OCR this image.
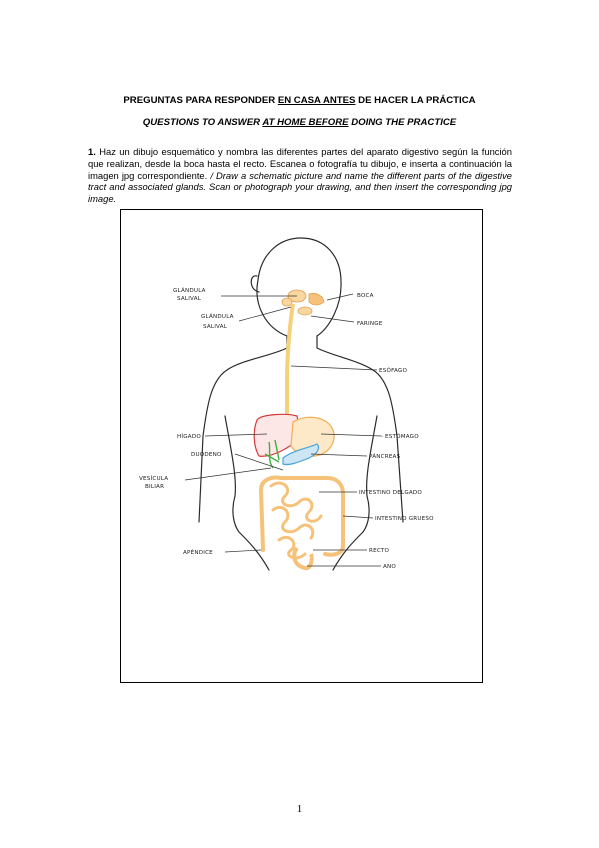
PREGUNTAS PARA RESPONDER EN CASA ANTES DE HACER LA PRÁCTICA
QUESTIONS TO ANSWER AT HOME BEFORE DOING THE PRACTICE
1. Haz un dibujo esquemático y nombra las diferentes partes del aparato digestivo según la función que realizan, desde la boca hasta el recto. Escanea o fotografía tu dibujo, e inserta a continuación la imagen jpg correspondiente. / Draw a schematic picture and name the different parts of the digestive tract and associated glands. Scan or photograph your drawing, and then insert the corresponding jpg image.
GLÁNDULA
SALIVAL
GLÁNDULA
SALIVAL
BOCA
FARINGE
ESÓFAGO
HÍGADO	ESTÓMAGO
DUODENO	PÁNCREAS
VESÍCULA
BILIAR
INTESTINO DELGADO
INTESTINO GRUESO
APÉNDICE	RECTO
ANO
1
